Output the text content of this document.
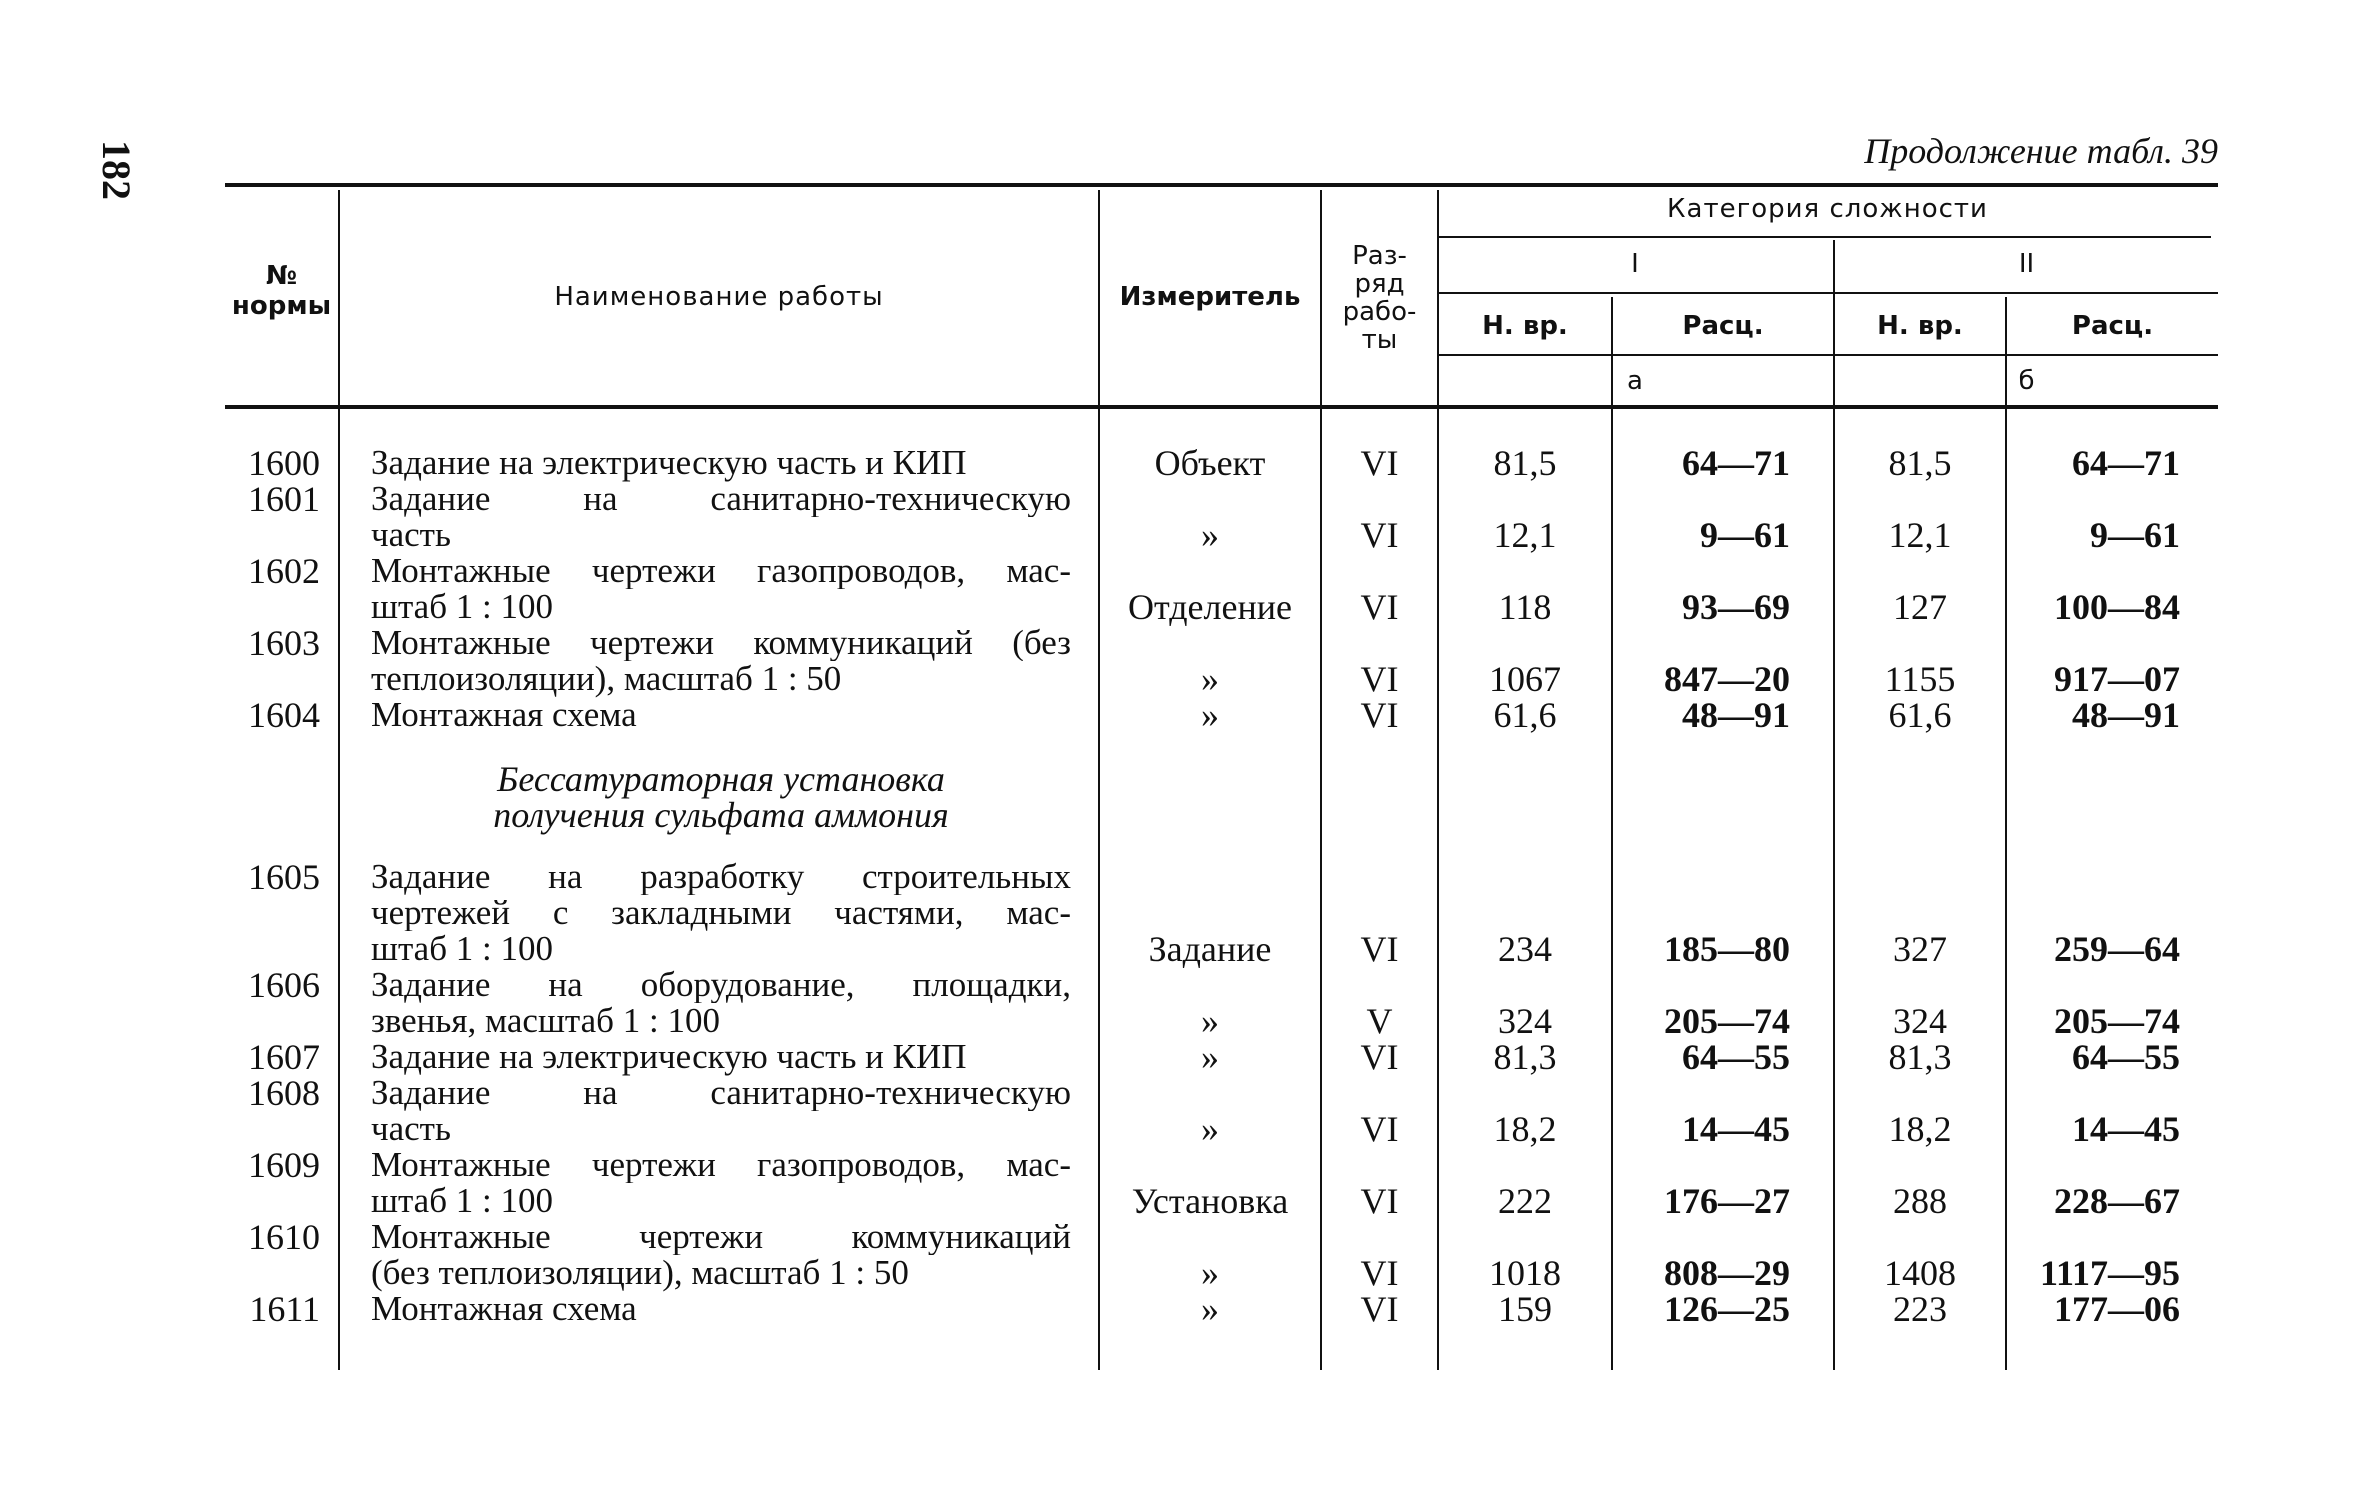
182	Продолжение табл. 39
№
нормы	Наименование работы	Измеритель
Раз-
ряд
рабо-
ты
Категория сложности
I	II
Н. вр.	Расц.	Н. вр.	Расц.
а	б
1600 Задание на электрическую часть и КИП	Объект	VI	81,5	64—71	81,5	64—71
1601 Задание на санитарно-техническую
часть	»	VI	12,1	9—61	12,1	9—61
1602 Монтажные чертежи газопроводов, мас-
штаб 1 : 100	Отделение	VI	118	93—69	127	100—84
1603 Монтажные чертежи коммуникаций (без
теплоизоляции), масштаб 1 : 50	»	VI	1067	847—20	1155	917—07
1604 Монтажная схема	»	VI	61,6	48—91	61,6	48—91
1605 Задание на разработку строительных
чертежей с закладными частями, мас-
штаб 1 : 100	Задание	VI	234	185—80	327	259—64
1606 Задание на оборудование, площадки,
звенья, масштаб 1 : 100	»	V	324	205—74	324	205—74
1607 Задание на электрическую часть и КИП	»	VI	81,3	64—55	81,3	64—55
1608 Задание на санитарно-техническую
часть	»	VI	18,2	14—45	18,2	14—45
1609 Монтажные чертежи газопроводов, мас-
штаб 1 : 100	Установка	VI	222	176—27	288	228—67
1610 Монтажные чертежи коммуникаций
(без теплоизоляции), масштаб 1 : 50	»	VI	1018	808—29	1408	1117—95
1611 Монтажная схема	»	VI	159	126—25	223	177—06
Бессатураторная установка
получения сульфата аммония
